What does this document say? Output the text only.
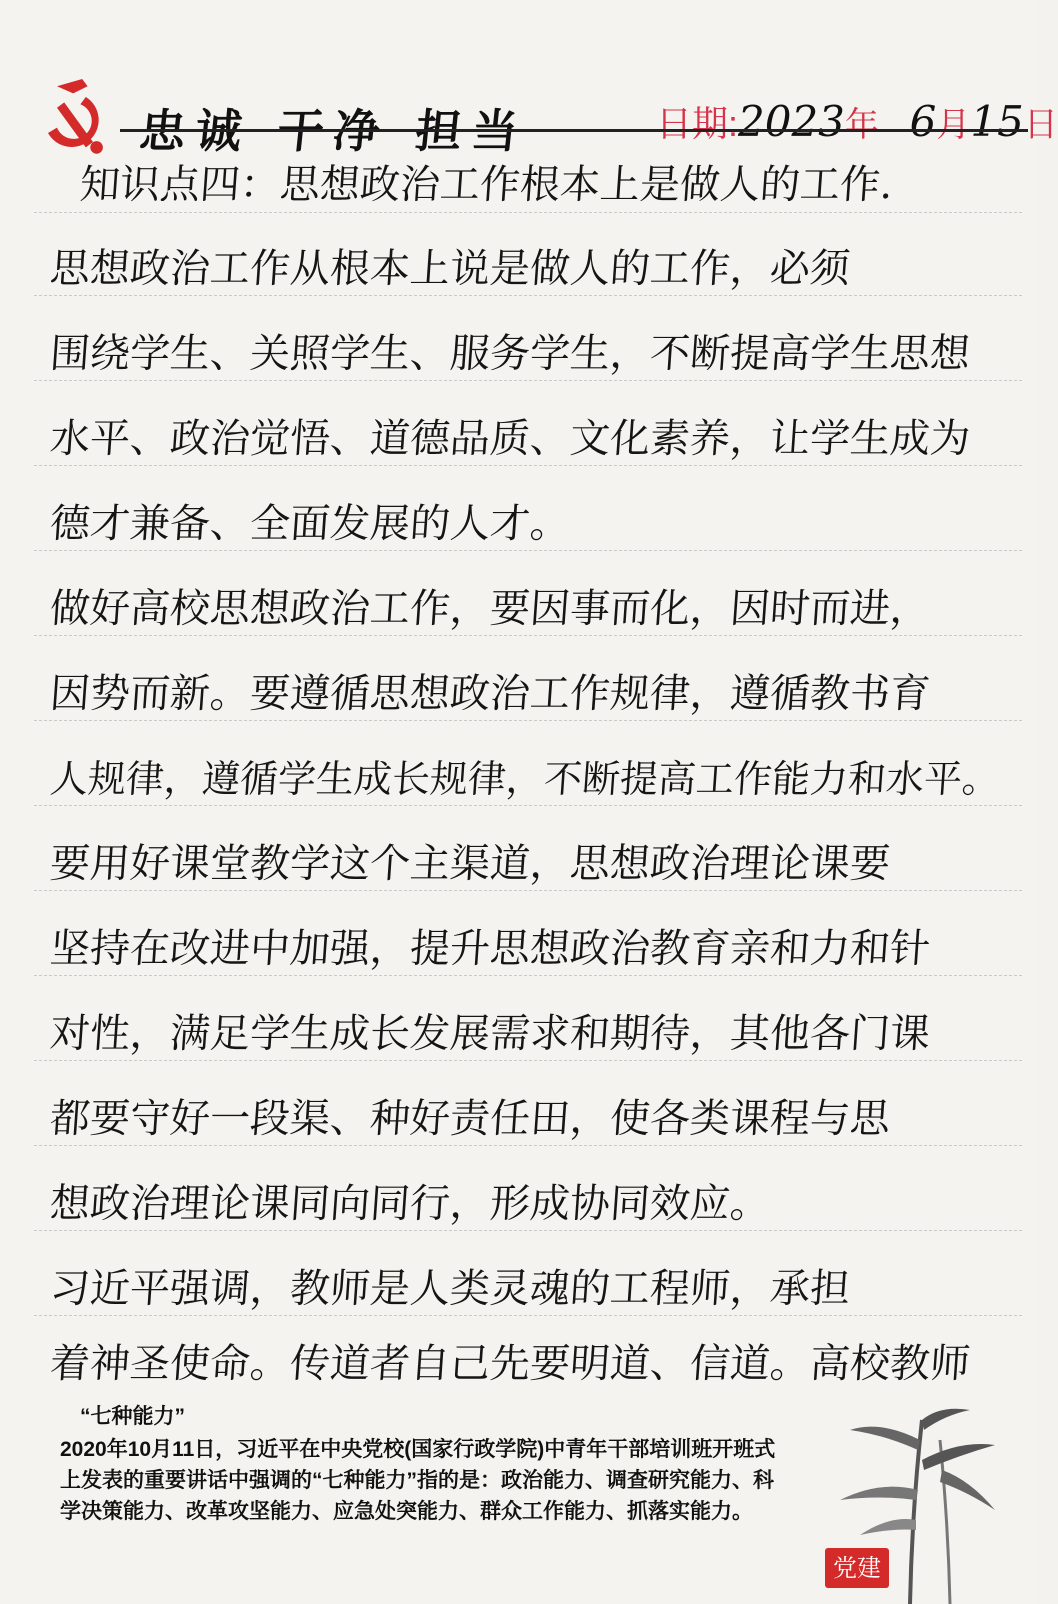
忠诚 干净 担当	日期:2023年 6月15日
知识点四：思想政治工作根本上是做人的工作.
思想政治工作从根本上说是做人的工作，必须
围绕学生、关照学生、服务学生，不断提高学生思想
水平、政治觉悟、道德品质、文化素养，让学生成为
德才兼备、全面发展的人才。
做好高校思想政治工作，要因事而化，因时而进，
因势而新。要遵循思想政治工作规律，遵循教书育
人规律，遵循学生成长规律，不断提高工作能力和水平。
要用好课堂教学这个主渠道，思想政治理论课要
坚持在改进中加强，提升思想政治教育亲和力和针
对性，满足学生成长发展需求和期待，其他各门课
都要守好一段渠、种好责任田，使各类课程与思
想政治理论课同向同行，形成协同效应。
习近平强调，教师是人类灵魂的工程师，承担
着神圣使命。传道者自己先要明道、信道。高校教师
“七种能力”
2020年10月11日，习近平在中央党校(国家行政学院)中青年干部培训班开班式上发表的重要讲话中强调的“七种能力”指的是：政治能力、调查研究能力、科学决策能力、改革攻坚能力、应急处突能力、群众工作能力、抓落实能力。
党建
